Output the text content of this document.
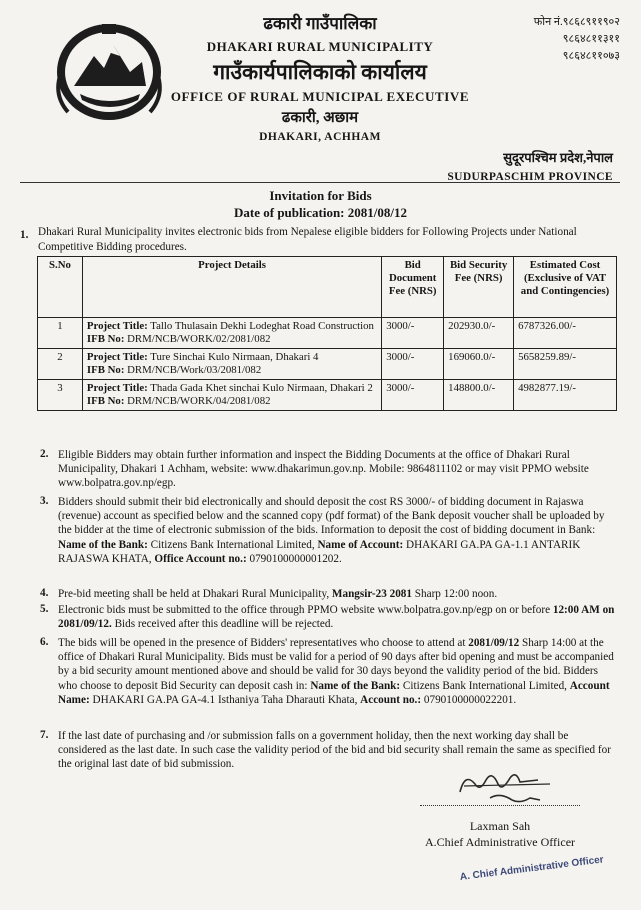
ढकारी गाउँपालिका
DHAKARI RURAL MUNICIPALITY
गाउँकार्यपालिकाको कार्यालय
OFFICE OF RURAL MUNICIPAL EXECUTIVE
ढकारी, अछाम
DHAKARI, ACHHAM
फोन नं.९८६८९११९०२
९८६४८११३११
९८६४८११०७३
सुदूरपश्चिम प्रदेश,नेपाल
SUDURPASCHIM PROVINCE
Invitation for Bids
Date of publication: 2081/08/12
1. Dhakari Rural Municipality invites electronic bids from Nepalese eligible bidders for Following Projects under National Competitive Bidding procedures.
S.No	Project Details	Bid Document Fee (NRS)	Bid Security Fee (NRS)	Estimated Cost (Exclusive of VAT and Contingencies)
1	Project Title: Tallo Thulasain Dekhi Lodeghat Road Construction
IFB No: DRM/NCB/WORK/02/2081/082	3000/-	202930.0/-	6787326.00/-
2	Project Title: Ture Sinchai Kulo Nirmaan, Dhakari 4
IFB No: DRM/NCB/Work/03/2081/082	3000/-	169060.0/-	5658259.89/-
3	Project Title: Thada Gada Khet sinchai Kulo Nirmaan, Dhakari 2
IFB No: DRM/NCB/WORK/04/2081/082	3000/-	148800.0/-	4982877.19/-
2. Eligible Bidders may obtain further information and inspect the Bidding Documents at the office of Dhakari Rural Municipality, Dhakari 1 Achham, website: www.dhakarimun.gov.np. Mobile: 9864811102 or may visit PPMO website www.bolpatra.gov.np/egp.
3. Bidders should submit their bid electronically and should deposit the cost RS 3000/- of bidding document in Rajaswa (revenue) account as specified below and the scanned copy (pdf format) of the Bank deposit voucher shall be uploaded by the bidder at the time of electronic submission of the bids. Information to deposit the cost of bidding document in Bank: Name of the Bank: Citizens Bank International Limited, Name of Account: DHAKARI GA.PA GA-1.1 ANTARIK RAJASWA KHATA, Office Account no.: 0790100000001202.
4. Pre-bid meeting shall be held at Dhakari Rural Municipality, Mangsir-23 2081 Sharp 12:00 noon.
5. Electronic bids must be submitted to the office through PPMO website www.bolpatra.gov.np/egp on or before 12:00 AM on 2081/09/12. Bids received after this deadline will be rejected.
6. The bids will be opened in the presence of Bidders' representatives who choose to attend at 2081/09/12 Sharp 14:00 at the office of Dhakari Rural Municipality. Bids must be valid for a period of 90 days after bid opening and must be accompanied by a bid security amount mentioned above and should be valid for 30 days beyond the validity period of the bid. Bidders who choose to deposit Bid Security can deposit cash in: Name of the Bank: Citizens Bank International Limited, Account Name: DHAKARI GA.PA GA-4.1 Isthaniya Taha Dharauti Khata, Account no.: 0790100000022201.
7. If the last date of purchasing and /or submission falls on a government holiday, then the next working day shall be considered as the last date. In such case the validity period of the bid and bid security shall remain the same as specified for the original last date of bid submission.
Laxman Sah
A.Chief Administrative Officer
A. Chief Administrative Officer
